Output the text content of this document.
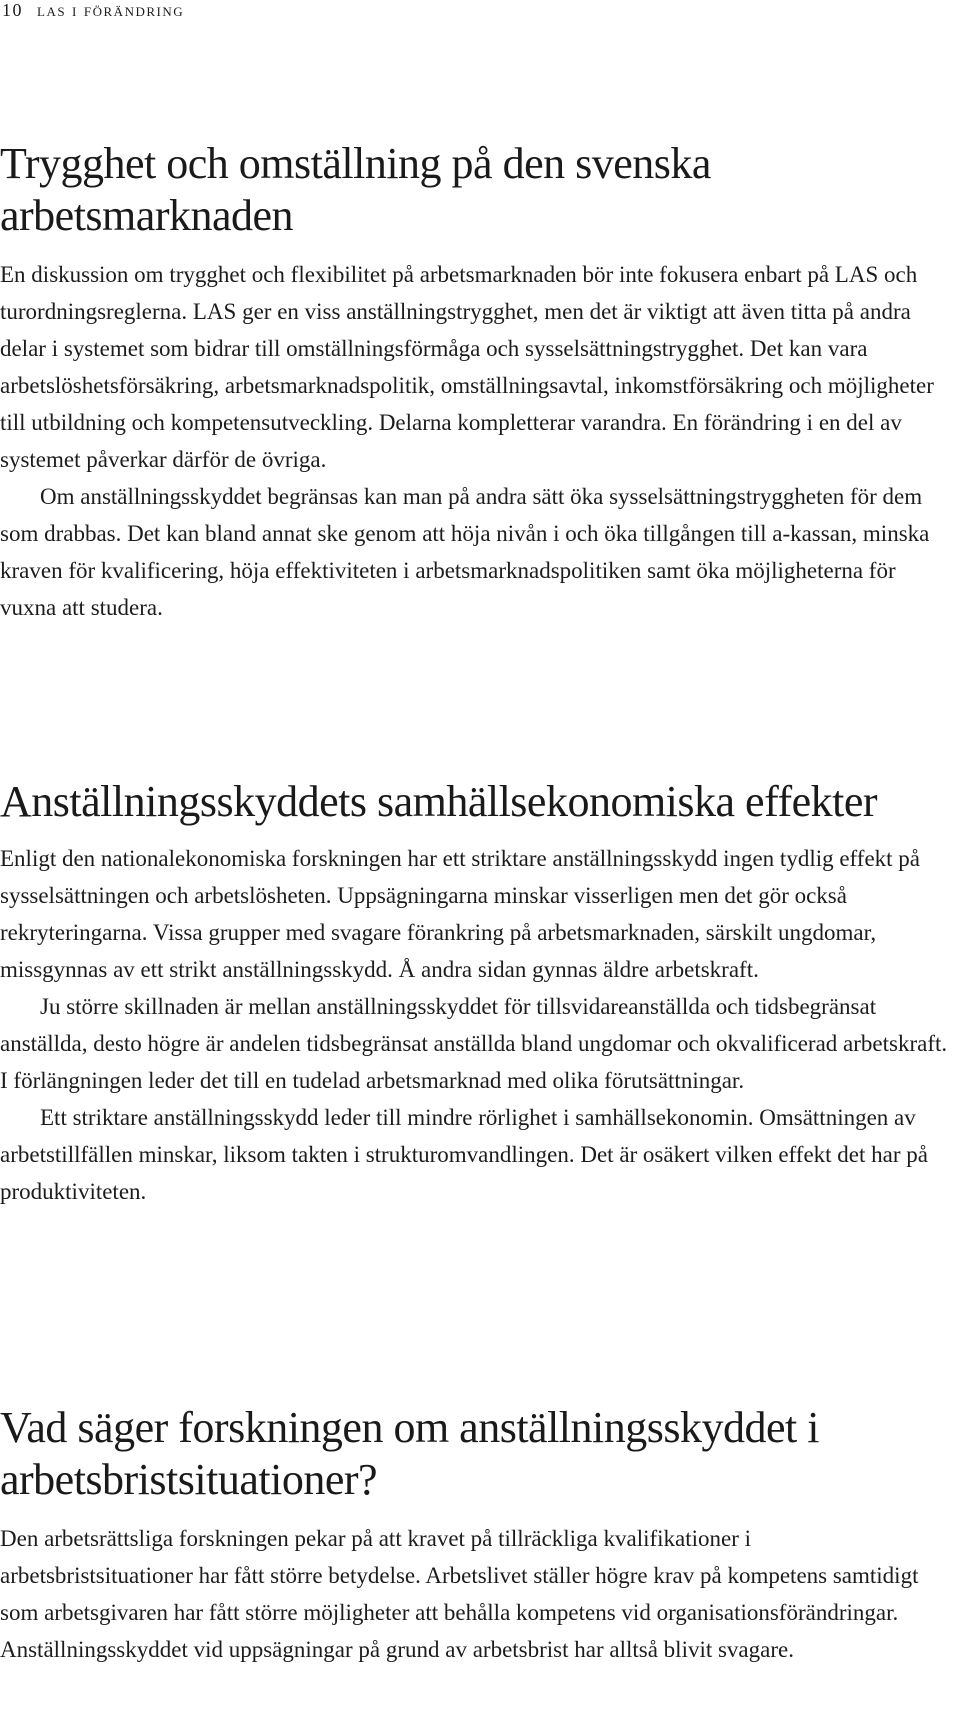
10 las i förändring
Trygghet och omställning på den svenska arbetsmarknaden

En diskussion om trygghet och flexibilitet på arbetsmarknaden bör inte fokusera enbart på LAS och turordningsreglerna. LAS ger en viss anställningstrygghet, men det är viktigt att även titta på andra delar i systemet som bidrar till omställningsförmåga och sysselsättningstrygghet. Det kan vara arbetslöshetsförsäkring, arbetsmarknadspolitik, omställningsavtal, inkomstförsäkring och möjligheter till utbildning och kompetensutveckling. Delarna kompletterar varandra. En förändring i en del av systemet påverkar därför de övriga.

Om anställningsskyddet begränsas kan man på andra sätt öka sysselsättningstryggheten för dem som drabbas. Det kan bland annat ske genom att höja nivån i och öka tillgången till a-kassan, minska kraven för kvalificering, höja effektiviteten i arbetsmarknadspolitiken samt öka möjligheterna för vuxna att studera.

Anställningsskyddets samhällsekonomiska effekter

Enligt den nationalekonomiska forskningen har ett striktare anställningsskydd ingen tydlig effekt på sysselsättningen och arbetslösheten. Uppsägningarna minskar visserligen men det gör också rekryteringarna. Vissa grupper med svagare förankring på arbetsmarknaden, särskilt ungdomar, missgynnas av ett strikt anställningsskydd. Å andra sidan gynnas äldre arbetskraft.

Ju större skillnaden är mellan anställningsskyddet för tillsvidareanställda och tidsbegränsat anställda, desto högre är andelen tidsbegränsat anställda bland ungdomar och okvalificerad arbetskraft. I förlängningen leder det till en tudelad arbetsmarknad med olika förutsättningar.

Ett striktare anställningsskydd leder till mindre rörlighet i samhällsekonomin. Omsättningen av arbetstillfällen minskar, liksom takten i strukturomvandlingen. Det är osäkert vilken effekt det har på produktiviteten.

Vad säger forskningen om anställningsskyddet i arbetsbristsituationer?

Den arbetsrättsliga forskningen pekar på att kravet på tillräckliga kvalifikationer i arbetsbristsituationer har fått större betydelse. Arbetslivet ställer högre krav på kompetens samtidigt som arbetsgivaren har fått större möjligheter att behålla kompetens vid organisationsförändringar. Anställningsskyddet vid uppsägningar på grund av arbetsbrist har alltså blivit svagare.
